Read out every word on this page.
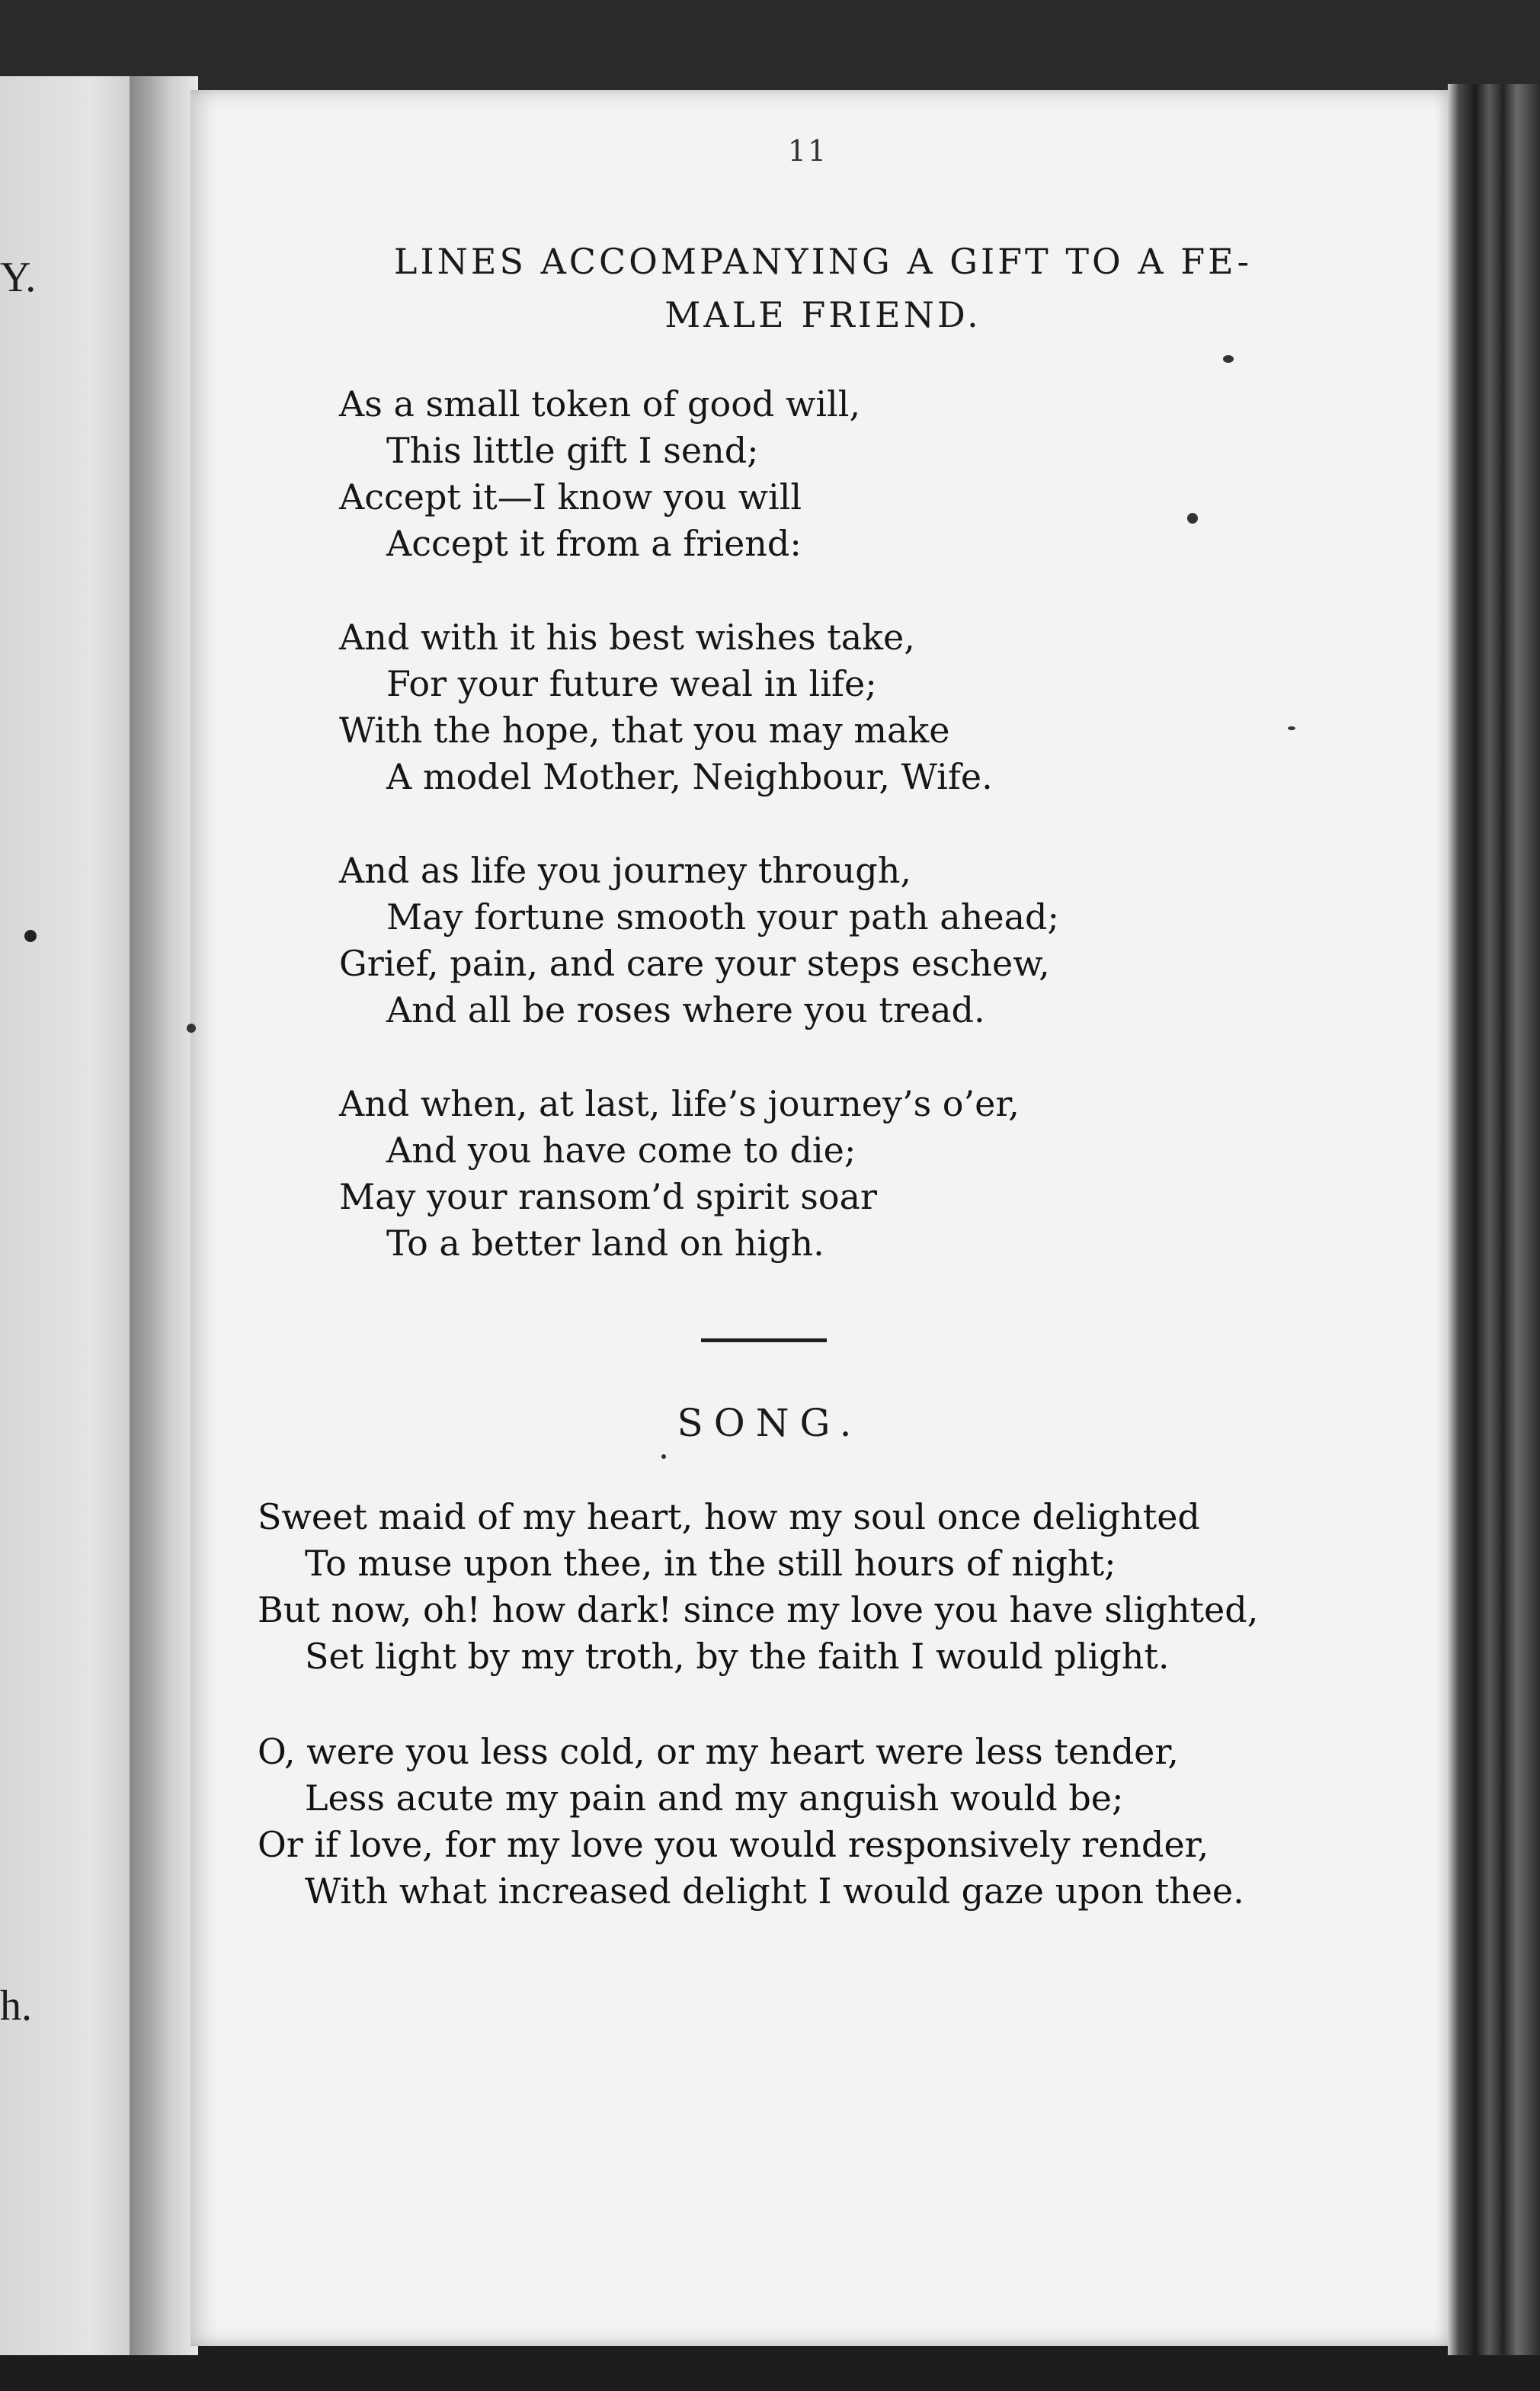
Y.
h.
11
LINES ACCOMPANYING A GIFT TO A FE-
MALE FRIEND.

As a small token of good will,
This little gift I send;
Accept it—I know you will
Accept it from a friend:

And with it his best wishes take,
For your future weal in life;
With the hope, that you may make
A model Mother, Neighbour, Wife.

And as life you journey through,
May fortune smooth your path ahead;
Grief, pain, and care your steps eschew,
And all be roses where you tread.

And when, at last, life’s journey’s o’er,
And you have come to die;
May your ransom’d spirit soar
To a better land on high.

SONG.

Sweet maid of my heart, how my soul once delighted
To muse upon thee, in the still hours of night;
But now, oh! how dark! since my love you have slighted,
Set light by my troth, by the faith I would plight.

O, were you less cold, or my heart were less tender,
Less acute my pain and my anguish would be;
Or if love, for my love you would responsively render,
With what increased delight I would gaze upon thee.
